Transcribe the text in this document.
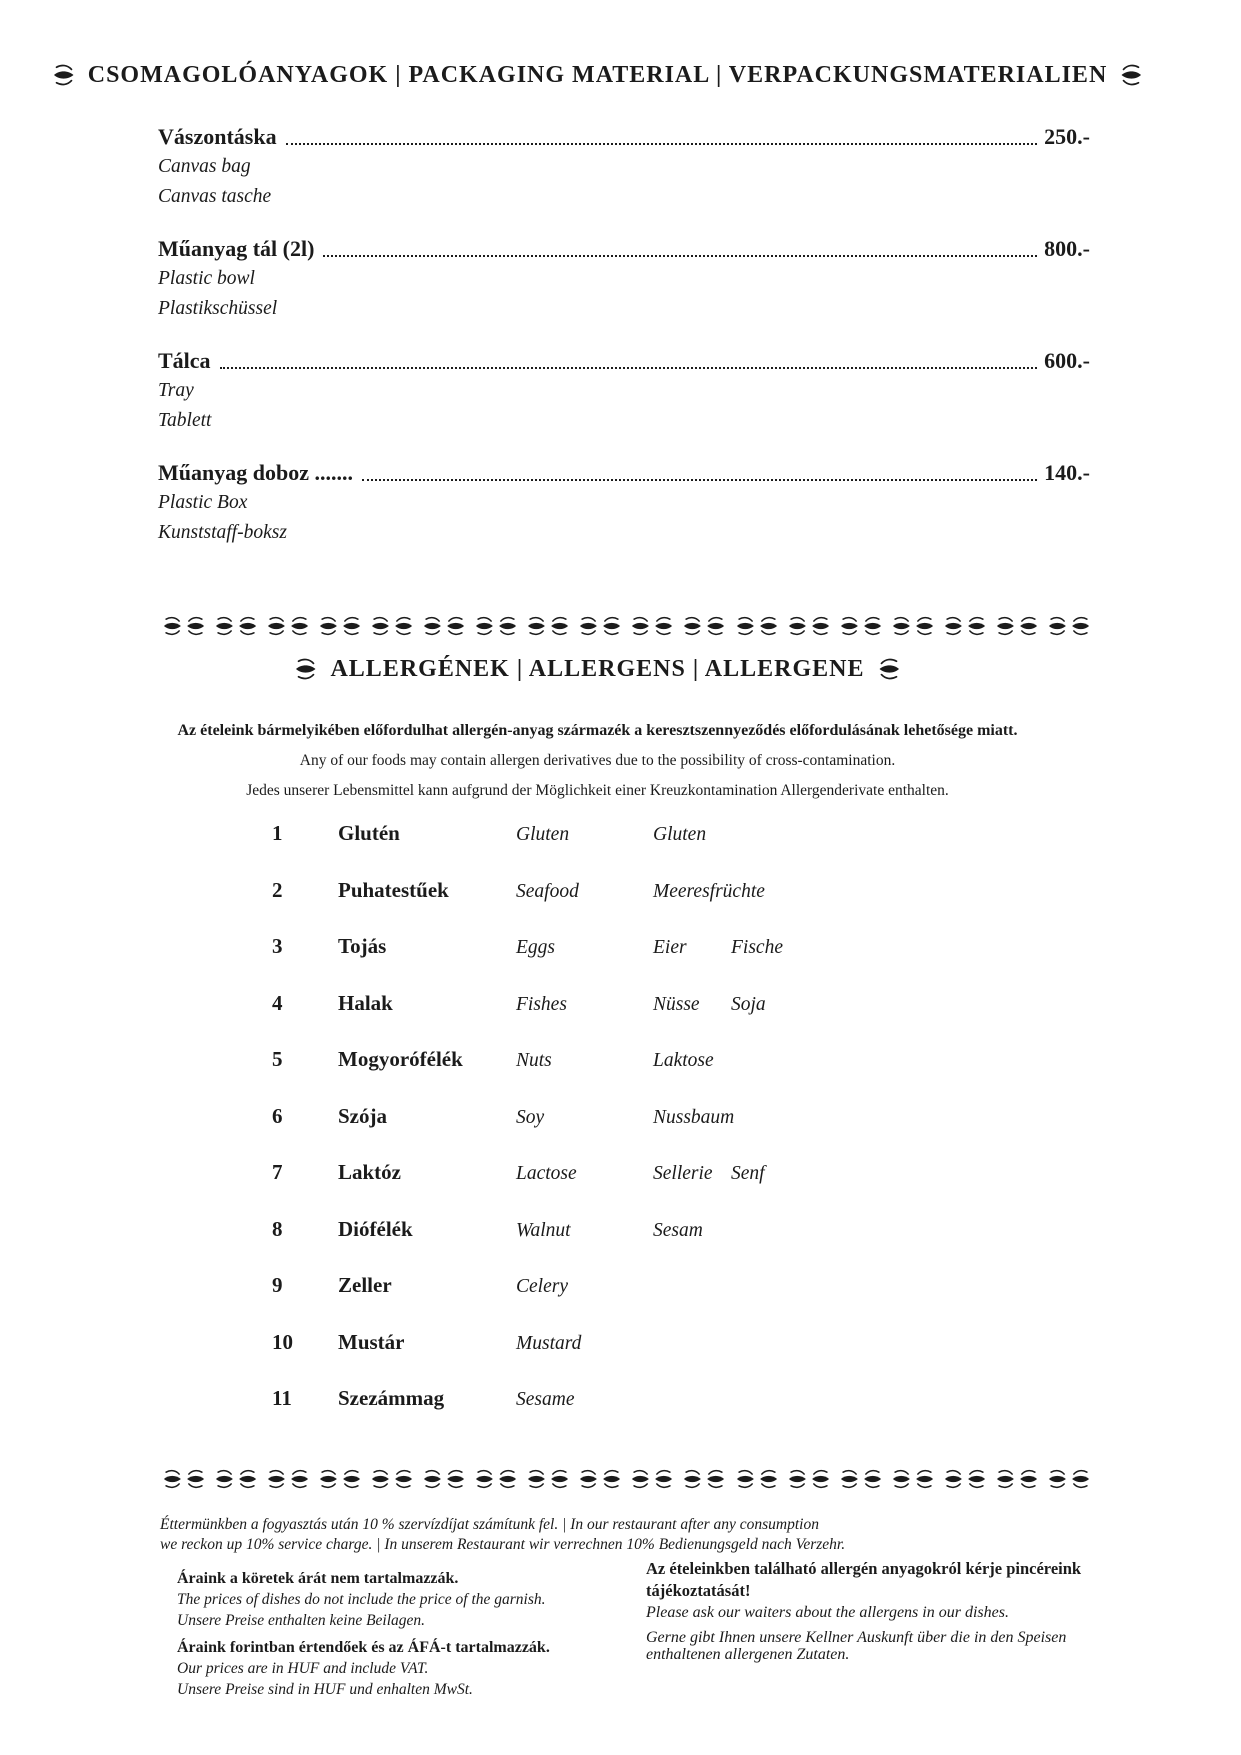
CSOMAGOLÓANYAGOK | PACKAGING MATERIAL | VERPACKUNGSMATERIALIEN
Vászontáska	250.-
Canvas bag
Canvas tasche
Műanyag tál (2l)	800.-
Plastic bowl
Plastikschüssel
Tálca	600.-
Tray
Tablett
Műanyag doboz .......	140.-
Plastic Box
Kunststaff-boksz
ALLERGÉNEK | ALLERGENS | ALLERGENE

Az ételeink bármelyikében előfordulhat allergén-anyag származék a keresztszennyeződés előfordulásának lehetősége miatt.

Any of our foods may contain allergen derivatives due to the possibility of cross-contamination.

Jedes unserer Lebensmittel kann aufgrund der Möglichkeit einer Kreuzkontamination Allergenderivate enthalten.

1	Glutén	Gluten	Gluten
2	Puhatestűek	Seafood	Meeresfrüchte
3	Tojás	Eggs	Eier	Fische
4	Halak	Fishes	Nüsse	Soja
5	Mogyorófélék	Nuts	Laktose
6	Szója	Soy	Nussbaum
7	Laktóz	Lactose	Sellerie Senf
8	Diófélék	Walnut	Sesam
9	Zeller	Celery
10	Mustár	Mustard
11	Szezámmag	Sesame
Éttermünkben a fogyasztás után 10 % szervízdíjat számítunk fel. | In our restaurant after any consumption
we reckon up 10% service charge. | In unserem Restaurant wir verrechnen 10% Bedienungsgeld nach Verzehr.
Áraink a köretek árát nem tartalmazzák.
The prices of dishes do not include the price of the garnish.
Unsere Preise enthalten keine Beilagen.
Áraink forintban értendőek és az ÁFÁ-t tartalmazzák.
Our prices are in HUF and include VAT.
Unsere Preise sind in HUF und enhalten MwSt.
Az ételeinkben található allergén anyagokról kérje pincéreink tájékoztatását!
Please ask our waiters about the allergens in our dishes.
Gerne gibt Ihnen unsere Kellner Auskunft über die in den Speisen enthaltenen allergenen Zutaten.
